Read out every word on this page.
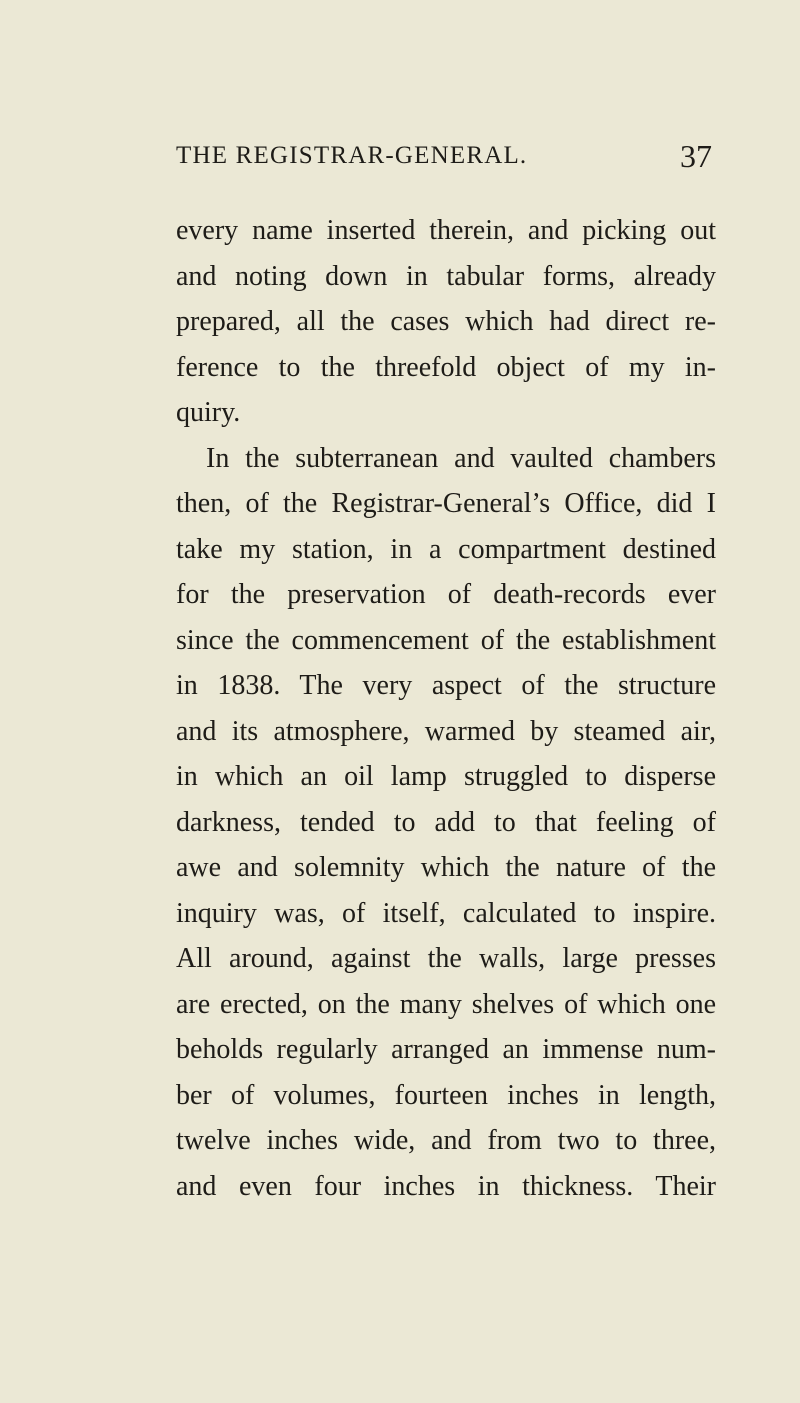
THE REGISTRAR-GENERAL.	37
every name inserted therein, and picking out
and noting down in tabular forms, already
prepared, all the cases which had direct re-
ference to the threefold object of my in-
quiry.
In the subterranean and vaulted chambers
then, of the Registrar-General’s Office, did I
take my station, in a compartment destined
for the preservation of death-records ever
since the commencement of the establishment
in 1838. The very aspect of the structure
and its atmosphere, warmed by steamed air,
in which an oil lamp struggled to disperse
darkness, tended to add to that feeling of
awe and solemnity which the nature of the
inquiry was, of itself, calculated to inspire.
All around, against the walls, large presses
are erected, on the many shelves of which one
beholds regularly arranged an immense num-
ber of volumes, fourteen inches in length,
twelve inches wide, and from two to three,
and even four inches in thickness. Their
